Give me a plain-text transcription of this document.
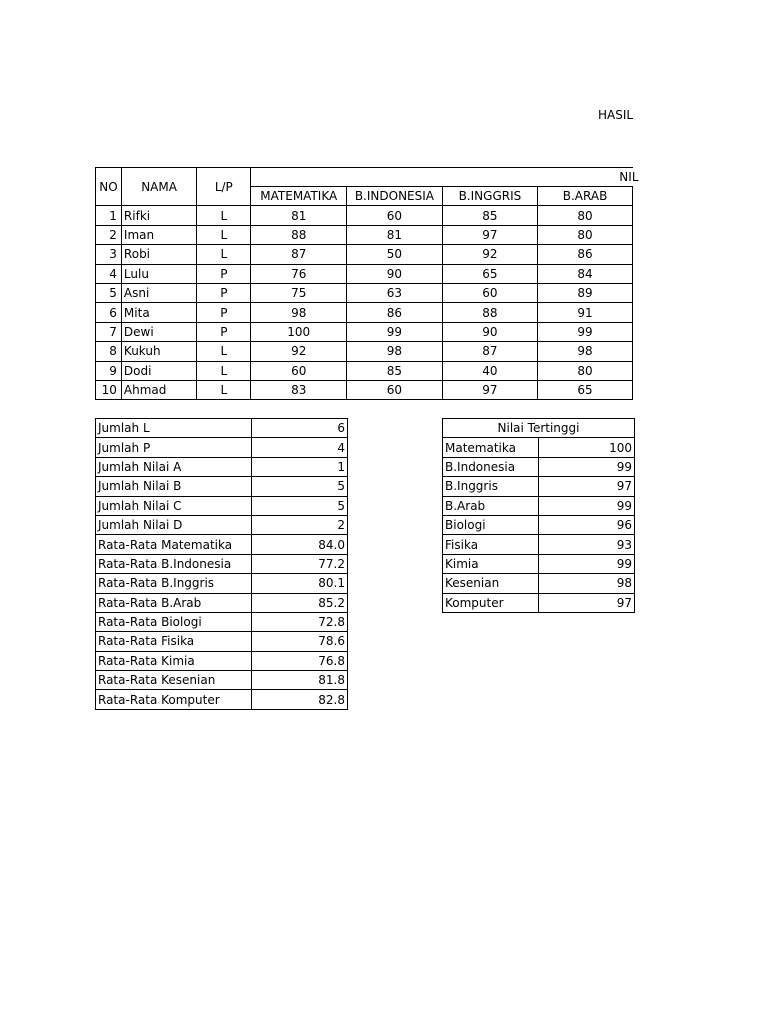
HASIL
NO	NAMA	L/P	NIL			
			MATEMATIKA	B.INDONESIA	B.INGGRIS	B.ARAB
1	Rifki	L	81	60	85	80
2	Iman	L	88	81	97	80
3	Robi	L	87	50	92	86
4	Lulu	P	76	90	65	84
5	Asni	P	75	63	60	89
6	Mita	P	98	86	88	91
7	Dewi	P	100	99	90	99
8	Kukuh	L	92	98	87	98
9	Dodi	L	60	85	40	80
10	Ahmad	L	83	60	97	65
Jumlah L	6
Jumlah P	4
Jumlah Nilai A	1
Jumlah Nilai B	5
Jumlah Nilai C	5
Jumlah Nilai D	2
Rata-Rata Matematika	84.0
Rata-Rata B.Indonesia	77.2
Rata-Rata B.Inggris	80.1
Rata-Rata B.Arab	85.2
Rata-Rata Biologi	72.8
Rata-Rata Fisika	78.6
Rata-Rata Kimia	76.8
Rata-Rata Kesenian	81.8
Rata-Rata Komputer	82.8
Nilai Tertinggi	
Matematika	100
B.Indonesia	99
B.Inggris	97
B.Arab	99
Biologi	96
Fisika	93
Kimia	99
Kesenian	98
Komputer	97
